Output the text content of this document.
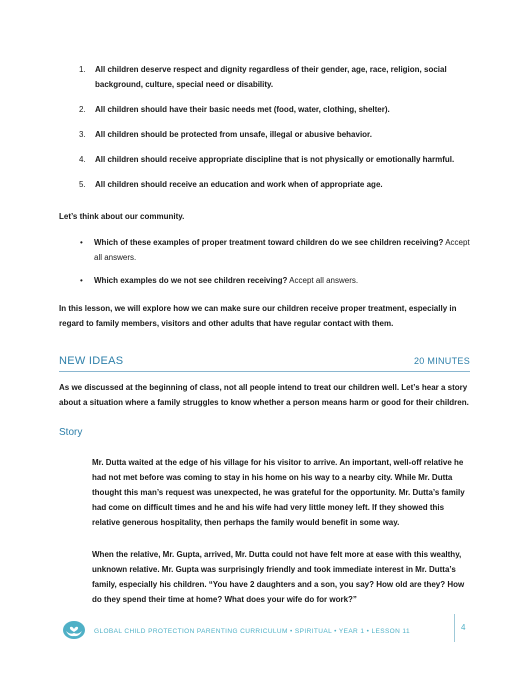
1. All children deserve respect and dignity regardless of their gender, age, race, religion, social background, culture, special need or disability.
2. All children should have their basic needs met (food, water, clothing, shelter).
3. All children should be protected from unsafe, illegal or abusive behavior.
4. All children should receive appropriate discipline that is not physically or emotionally harmful.
5. All children should receive an education and work when of appropriate age.
Let’s think about our community.
• Which of these examples of proper treatment toward children do we see children receiving? Accept all answers.
• Which examples do we not see children receiving? Accept all answers.
In this lesson, we will explore how we can make sure our children receive proper treatment, especially in regard to family members, visitors and other adults that have regular contact with them.
NEW IDEAS	20 MINUTES
As we discussed at the beginning of class, not all people intend to treat our children well. Let’s hear a story about a situation where a family struggles to know whether a person means harm or good for their children.
Story

Mr. Dutta waited at the edge of his village for his visitor to arrive. An important, well-off relative he had not met before was coming to stay in his home on his way to a nearby city. While Mr. Dutta thought this man’s request was unexpected, he was grateful for the opportunity. Mr. Dutta’s family had come on difficult times and he and his wife had very little money left. If they showed this relative generous hospitality, then perhaps the family would benefit in some way.

When the relative, Mr. Gupta, arrived, Mr. Dutta could not have felt more at ease with this wealthy, unknown relative. Mr. Gupta was surprisingly friendly and took immediate interest in Mr. Dutta’s family, especially his children. “You have 2 daughters and a son, you say? How old are they? How do they spend their time at home? What does your wife do for work?”

GLOBAL CHILD PROTECTION PARENTING CURRICULUM • SPIRITUAL • YEAR 1 • LESSON 11	4
